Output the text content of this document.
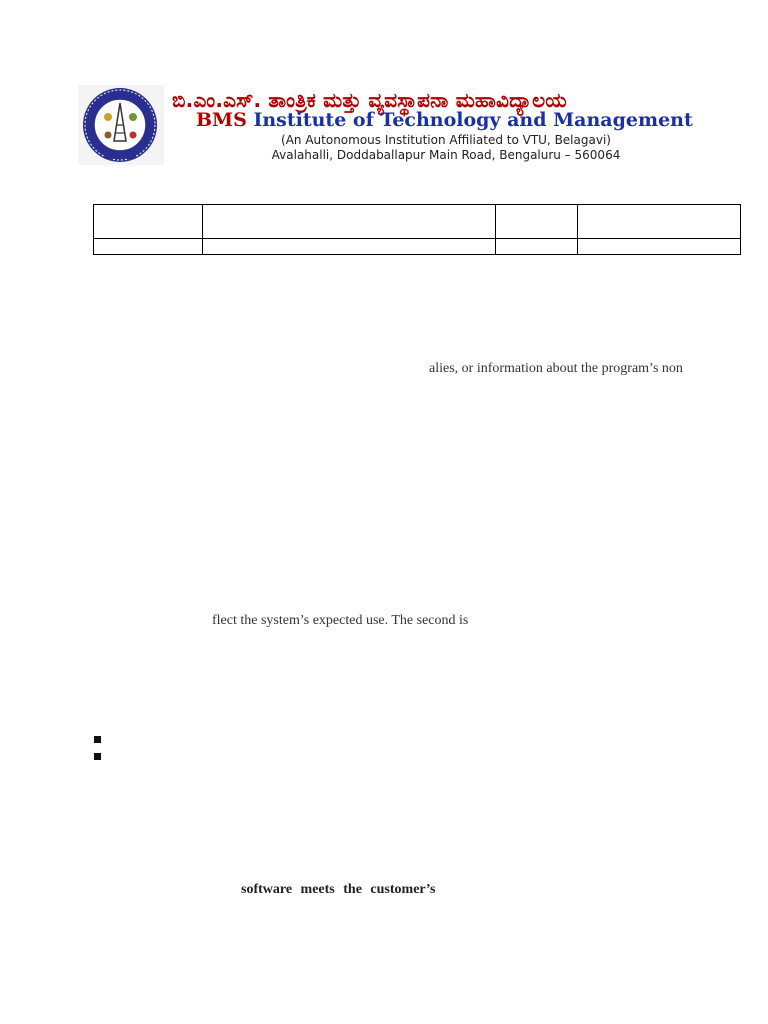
ಬಿ.ಎಂ.ಎಸ್. ತಾಂತ್ರಿಕ ಮತ್ತು ವ್ಯವಸ್ಥಾಪನಾ ಮಹಾವಿದ್ಯಾಲಯ
BMS Institute of Technology and Management
(An Autonomous Institution Affiliated to VTU, Belagavi)
Avalahalli, Doddaballapur Main Road, Bengaluru – 560064

alies, or information about the program’s non
flect the system’s expected use. The second is
software meets the customer’s
